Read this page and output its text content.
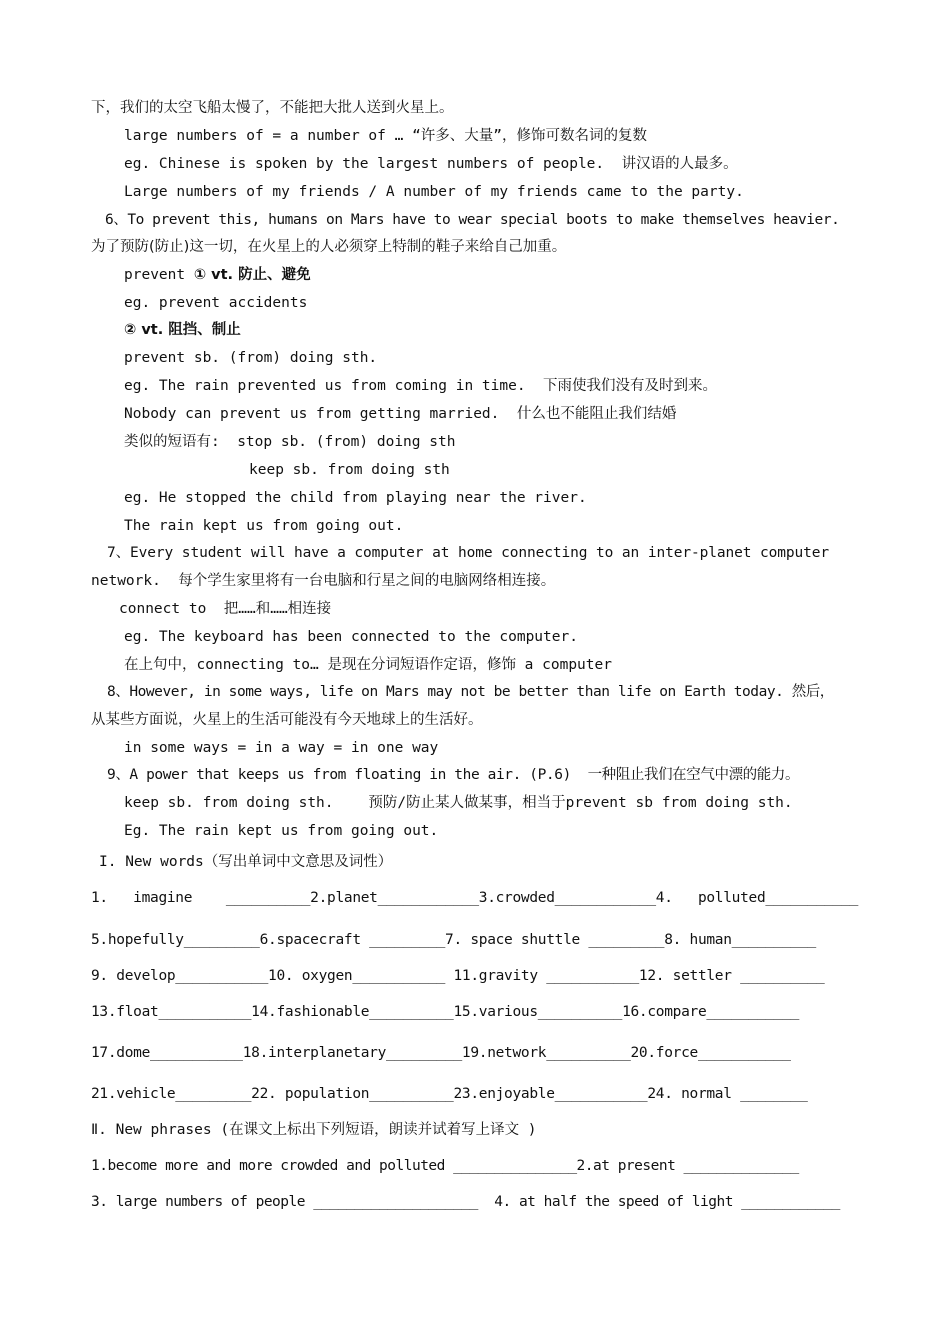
下，我们的太空飞船太慢了，不能把大批人送到火星上。
large numbers of = a number of … “许多、大量”，修饰可数名词的复数
eg. Chinese is spoken by the largest numbers of people.  讲汉语的人最多。
Large numbers of my friends / A number of my friends came to the party.
6、To prevent this, humans on Mars have to wear special boots to make themselves heavier.
为了预防(防止)这一切，在火星上的人必须穿上特制的鞋子来给自己加重。
prevent ① vt. 防止、避免
eg. prevent accidents
② vt. 阻挡、制止
prevent sb. (from) doing sth.
eg. The rain prevented us from coming in time.  下雨使我们没有及时到来。
Nobody can prevent us from getting married.  什么也不能阻止我们结婚
类似的短语有:  stop sb. (from) doing sth
keep sb. from doing sth
eg. He stopped the child from playing near the river.
The rain kept us from going out.
7、Every student will have a computer at home connecting to an inter-planet computer
network.  每个学生家里将有一台电脑和行星之间的电脑网络相连接。
connect to  把……和……相连接
eg. The keyboard has been connected to the computer.
在上句中，connecting to… 是现在分词短语作定语，修饰 a computer
8、However, in some ways, life on Mars may not be better than life on Earth today. 然后，
从某些方面说，火星上的生活可能没有今天地球上的生活好。
in some ways = in a way = in one way
9、A power that keeps us from floating in the air. (P.6)  一种阻止我们在空气中漂的能力。
keep sb. from doing sth.    预防/防止某人做某事，相当于prevent sb from doing sth.
Eg. The rain kept us from going out.
I. New words（写出单词中文意思及词性）
1.   imagine    __________2.planet____________3.crowded____________4.   polluted___________
5.hopefully_________6.spacecraft _________7. space shuttle _________8. human__________
9. develop___________10. oxygen___________ 11.gravity ___________12. settler __________
13.float___________14.fashionable__________15.various__________16.compare___________
17.dome___________18.interplanetary_________19.network__________20.force___________
21.vehicle_________22. population__________23.enjoyable___________24. normal ________
Ⅱ. New phrases (在课文上标出下列短语，朗读并试着写上译文 )
1.become more and more crowded and polluted _______________2.at present ______________
3. large numbers of people ____________________  4. at half the speed of light ____________
